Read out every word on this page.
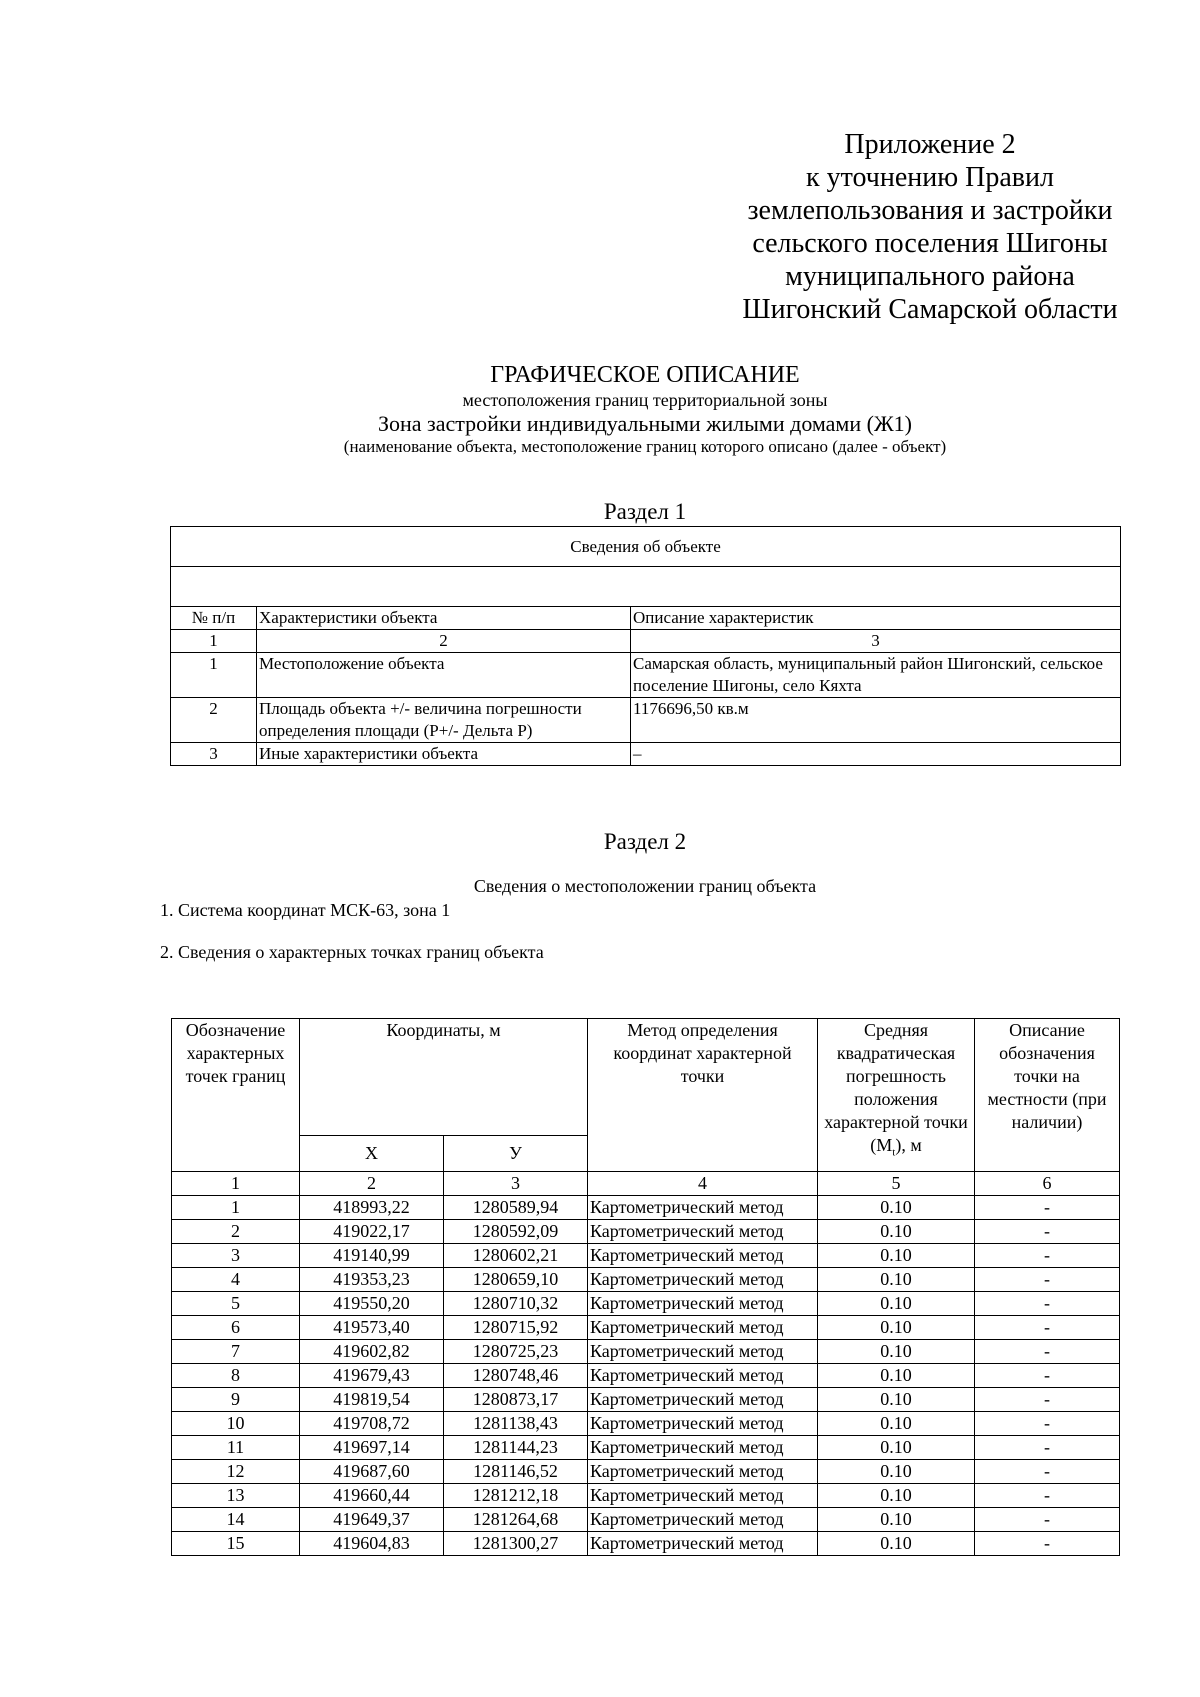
Приложение 2
к уточнению Правил
землепользования и застройки
сельского поселения Шигоны
муниципального района
Шигонский Самарской области
ГРАФИЧЕСКОЕ ОПИСАНИЕ
местоположения границ территориальной зоны
Зона застройки индивидуальными жилыми домами (Ж1)
(наименование объекта, местоположение границ которого описано (далее - объект)
Раздел 1
Сведения об объекте		

№ п/п	Характеристики объекта	Описание характеристик
1	2	3
1	Местоположение объекта	Самарская область, муниципальный район Шигонский, сельское поселение Шигоны, село Кяхта
2	Площадь объекта +/- величина погрешности определения площади (Р+/- Дельта Р)	1176696,50 кв.м
3	Иные характеристики объекта	–
Раздел 2
Сведения о местоположении границ объекта
1. Система координат МСК-63, зона 1
2. Сведения о характерных точках границ объекта
Обозначение характерных точек границ	Координаты, м		Метод определения координат характерной точки	Средняя квадратическая погрешность положения характерной точки $(M_t)$, м	Описание обозначения точки на местности (при наличии)
	X	У			
1	2	3	4	5	6
1	418993,22	1280589,94	Картометрический метод	0.10	-
2	419022,17	1280592,09	Картометрический метод	0.10	-
3	419140,99	1280602,21	Картометрический метод	0.10	-
4	419353,23	1280659,10	Картометрический метод	0.10	-
5	419550,20	1280710,32	Картометрический метод	0.10	-
6	419573,40	1280715,92	Картометрический метод	0.10	-
7	419602,82	1280725,23	Картометрический метод	0.10	-
8	419679,43	1280748,46	Картометрический метод	0.10	-
9	419819,54	1280873,17	Картометрический метод	0.10	-
10	419708,72	1281138,43	Картометрический метод	0.10	-
11	419697,14	1281144,23	Картометрический метод	0.10	-
12	419687,60	1281146,52	Картометрический метод	0.10	-
13	419660,44	1281212,18	Картометрический метод	0.10	-
14	419649,37	1281264,68	Картометрический метод	0.10	-
15	419604,83	1281300,27	Картометрический метод	0.10	-
